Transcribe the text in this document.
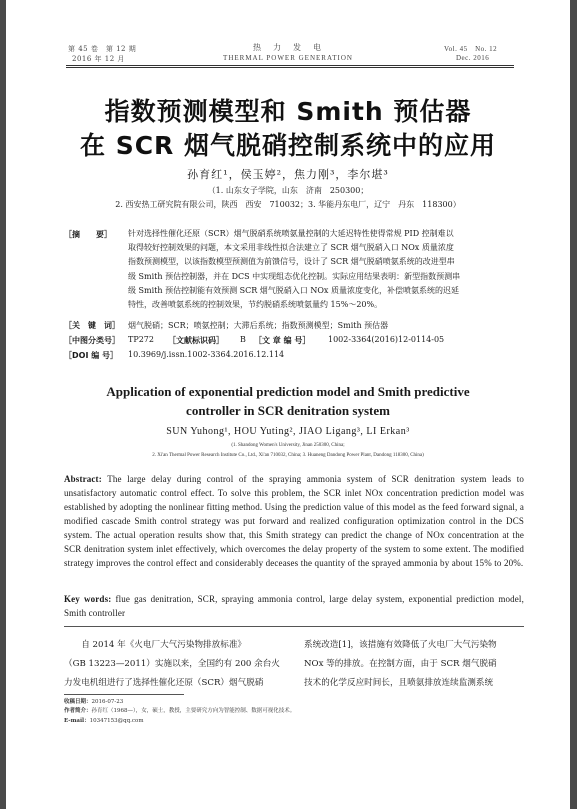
第 45 卷　第 12 期
2016 年 12 月
热　力　发　电
THERMAL POWER GENERATION
Vol. 45　No. 12
Dec. 2016
指数预测模型和 Smith 预估器
在 SCR 烟气脱硝控制系统中的应用
孙育红¹，侯玉婷²，焦力刚³，李尔堪³
（1. 山东女子学院，山东　济南　250300；
2. 西安热工研究院有限公司，陕西　西安　710032；3. 华能丹东电厂，辽宁　丹东　118300）
［摘　　要］ 针对选择性催化还原（SCR）烟气脱硝系统喷氨量控制的大延迟特性使得常规 PID 控制难以
取得较好控制效果的问题，本文采用非线性拟合法建立了 SCR 烟气脱硝入口 NOx 质量浓度
指数预测模型，以该指数模型预测值为前馈信号，设计了 SCR 烟气脱硝喷氨系统的改进型串
级 Smith 预估控制器，并在 DCS 中实现组态优化控制。实际应用结果表明：新型指数预测串
级 Smith 预估控制能有效预测 SCR 烟气脱硝入口 NOx 质量浓度变化，补偿喷氨系统的迟延
特性，改善喷氨系统的控制效果，节约脱硝系统喷氨量约 15%～20%。
［关　键　词］ 烟气脱硝；SCR；喷氨控制；大滞后系统；指数预测模型；Smith 预估器
［中图分类号］ TP272 ［文献标识码］ B ［文 章 编 号］ 1002-3364(2016)12-0114-05
［DOI 编 号］ 10.3969/j.issn.1002-3364.2016.12.114
Application of exponential prediction model and Smith predictive
controller in SCR denitration system
SUN Yuhong¹, HOU Yuting², JIAO Ligang³, LI Erkan³
(1. Shandong Women's University, Jinan 250300, China;
2. Xi'an Thermal Power Research Institute Co., Ltd., Xi'an 710032, China; 3. Huaneng Dandong Power Plant, Dandong 118300, China)
Abstract: The large delay during control of the spraying ammonia system of SCR denitration system leads to unsatisfactory automatic control effect. To solve this problem, the SCR inlet NOx concentration prediction model was established by adopting the nonlinear fitting method. Using the prediction value of this model as the feed forward signal, a modified cascade Smith control strategy was put forward and realized configuration optimization control in the DCS system. The actual operation results show that, this Smith strategy can predict the change of NOx concentration at the SCR denitration system inlet effectively, which overcomes the delay property of the system to some extent. The modified strategy improves the control effect and considerably deceases the quantity of the sprayed ammonia by about 15% to 20%.
Key words: flue gas denitration, SCR, spraying ammonia control, large delay system, exponential prediction model, Smith controller
　　自 2014 年《火电厂大气污染物排放标准》
（GB 13223—2011）实施以来，全国约有 200 余台火
力发电机组进行了选择性催化还原（SCR）烟气脱硝
系统改造[1]，该措施有效降低了火电厂大气污染物
NOx 等的排放。在控制方面，由于 SCR 烟气脱硝
技术的化学反应时间长，且喷氨排放连续监测系统
收稿日期：2016-07-23
作者简介：孙育红（1968—），女，硕士，教授，主要研究方向为智能控制、数据可视化技术。
E-mail：10347153@qq.com
